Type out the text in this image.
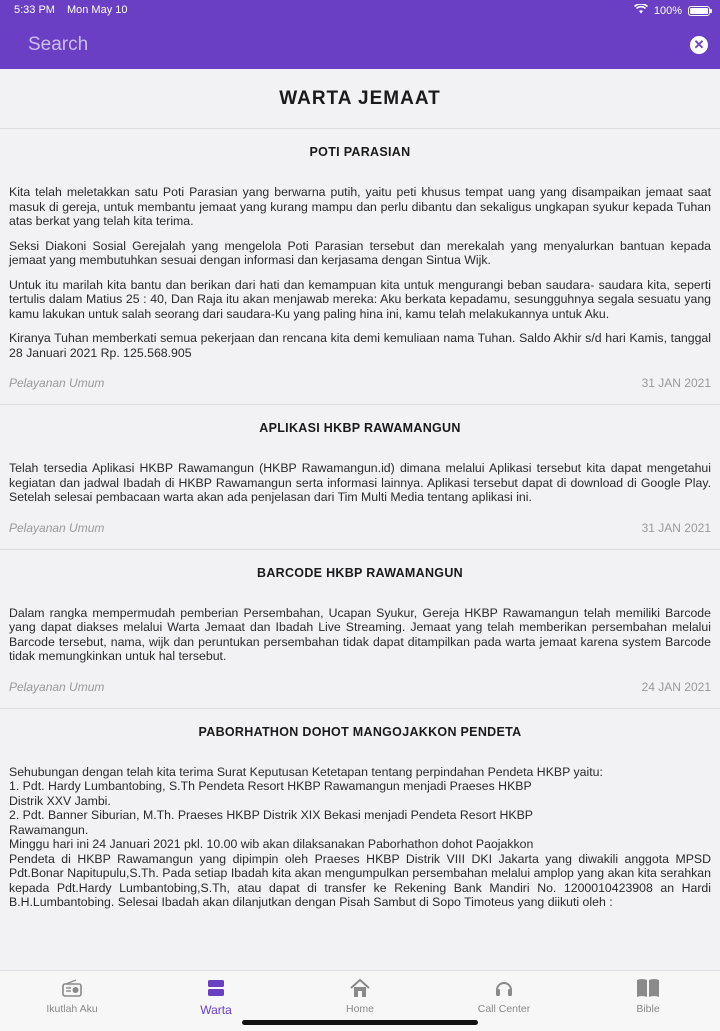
5:33 PM Mon May 10	100%
Search	✕
WARTA JEMAAT
POTI PARASIAN

Kita telah meletakkan satu Poti Parasian yang berwarna putih, yaitu peti khusus tempat uang yang disampaikan jemaat saat masuk di gereja, untuk membantu jemaat yang kurang mampu dan perlu dibantu dan sekaligus ungkapan syukur kepada Tuhan atas berkat yang telah kita terima.

Seksi Diakoni Sosial Gerejalah yang mengelola Poti Parasian tersebut dan merekalah yang menyalurkan bantuan kepada jemaat yang membutuhkan sesuai dengan informasi dan kerjasama dengan Sintua Wijk.

Untuk itu marilah kita bantu dan berikan dari hati dan kemampuan kita untuk mengurangi beban saudara- saudara kita, seperti tertulis dalam Matius 25 : 40, Dan Raja itu akan menjawab mereka: Aku berkata kepadamu, sesungguhnya segala sesuatu yang kamu lakukan untuk salah seorang dari saudara-Ku yang paling hina ini, kamu telah melakukannya untuk Aku.

Kiranya Tuhan memberkati semua pekerjaan dan rencana kita demi kemuliaan nama Tuhan. Saldo Akhir s/d hari Kamis, tanggal 28 Januari 2021 Rp. 125.568.905

Pelayanan Umum	31 JAN 2021
APLIKASI HKBP RAWAMANGUN

Telah tersedia Aplikasi HKBP Rawamangun (HKBP Rawamangun.id) dimana melalui Aplikasi tersebut kita dapat mengetahui kegiatan dan jadwal Ibadah di HKBP Rawamangun serta informasi lainnya. Aplikasi tersebut dapat di download di Google Play. Setelah selesai pembacaan warta akan ada penjelasan dari Tim Multi Media tentang aplikasi ini.

Pelayanan Umum	31 JAN 2021
BARCODE HKBP RAWAMANGUN

Dalam rangka mempermudah pemberian Persembahan, Ucapan Syukur, Gereja HKBP Rawamangun telah memiliki Barcode yang dapat diakses melalui Warta Jemaat dan Ibadah Live Streaming. Jemaat yang telah memberikan persembahan melalui Barcode tersebut, nama, wijk dan peruntukan persembahan tidak dapat ditampilkan pada warta jemaat karena system Barcode tidak memungkinkan untuk hal tersebut.

Pelayanan Umum	24 JAN 2021
PABORHATHON DOHOT MANGOJAKKON PENDETA
Sehubungan dengan telah kita terima Surat Keputusan Ketetapan tentang perpindahan Pendeta HKBP yaitu:
1. Pdt. Hardy Lumbantobing, S.Th Pendeta Resort HKBP Rawamangun menjadi Praeses HKBP
Distrik XXV Jambi.
2. Pdt. Banner Siburian, M.Th. Praeses HKBP Distrik XIX Bekasi menjadi Pendeta Resort HKBP
Rawamangun.
Minggu hari ini 24 Januari 2021 pkl. 10.00 wib akan dilaksanakan Paborhathon dohot Paojakkon

Pendeta di HKBP Rawamangun yang dipimpin oleh Praeses HKBP Distrik VIII DKI Jakarta yang diwakili anggota MPSD Pdt.Bonar Napitupulu,S.Th. Pada setiap Ibadah kita akan mengumpulkan persembahan melalui amplop yang akan kita serahkan kepada Pdt.Hardy Lumbantobing,S.Th, atau dapat di transfer ke Rekening Bank Mandiri No. 1200010423908 an Hardi B.H.Lumbantobing. Selesai Ibadah akan dilanjutkan dengan Pisah Sambut di Sopo Timoteus yang diikuti oleh :

Ikutlah Aku	Warta	Home	Call Center	Bible
